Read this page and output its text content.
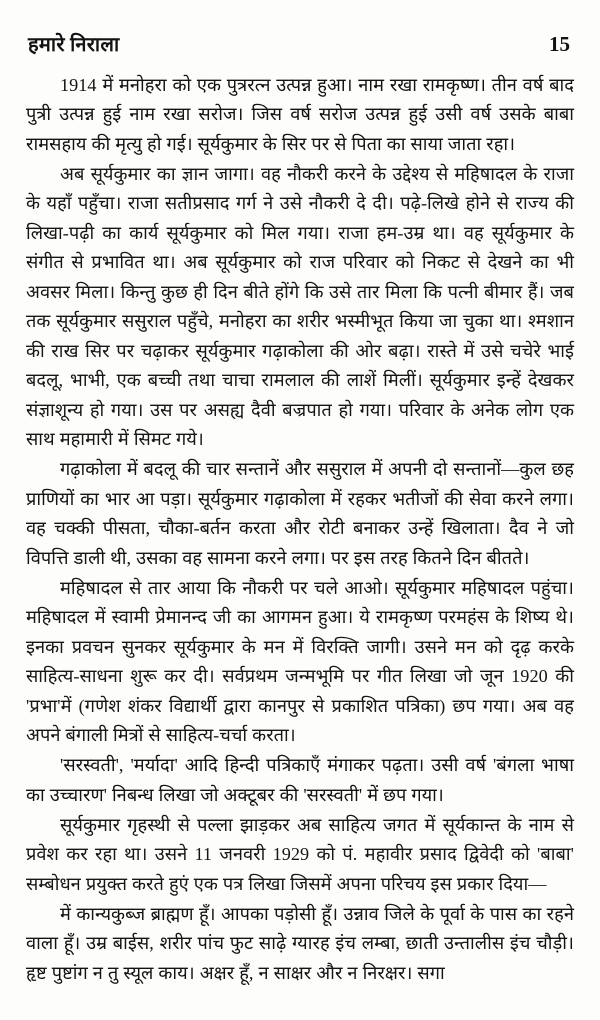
हमारे निराला	15

1914 में मनोहरा को एक पुत्ररत्न उत्पन्न हुआ। नाम रखा रामकृष्ण। तीन वर्ष बाद पुत्री उत्पन्न हुई नाम रखा सरोज। जिस वर्ष सरोज उत्पन्न हुई उसी वर्ष उसके बाबा रामसहाय की मृत्यु हो गई। सूर्यकुमार के सिर पर से पिता का साया जाता रहा।

अब सूर्यकुमार का ज्ञान जागा। वह नौकरी करने के उद्देश्य से महिषादल के राजा के यहाँ पहुँचा। राजा सतीप्रसाद गर्ग ने उसे नौकरी दे दी। पढ़े-लिखे होने से राज्य की लिखा-पढ़ी का कार्य सूर्यकुमार को मिल गया। राजा हम-उम्र था। वह सूर्यकुमार के संगीत से प्रभावित था। अब सूर्यकुमार को राज परिवार को निकट से देखने का भी अवसर मिला। किन्तु कुछ ही दिन बीते होंगे कि उसे तार मिला कि पत्नी बीमार हैं। जब तक सूर्यकुमार ससुराल पहुँचे, मनोहरा का शरीर भस्मीभूत किया जा चुका था। श्मशान की राख सिर पर चढ़ाकर सूर्यकुमार गढ़ाकोला की ओर बढ़ा। रास्ते में उसे चचेरे भाई बदलू, भाभी, एक बच्ची तथा चाचा रामलाल की लाशें मिलीं। सूर्यकुमार इन्हें देखकर संज्ञाशून्य हो गया। उस पर असह्य दैवी बज्रपात हो गया। परिवार के अनेक लोग एक साथ महामारी में सिमट गये।

गढ़ाकोला में बदलू की चार सन्तानें और ससुराल में अपनी दो सन्तानों—कुल छह प्राणियों का भार आ पड़ा। सूर्यकुमार गढ़ाकोला में रहकर भतीजों की सेवा करने लगा। वह चक्की पीसता, चौका-बर्तन करता और रोटी बनाकर उन्हें खिलाता। दैव ने जो विपत्ति डाली थी, उसका वह सामना करने लगा। पर इस तरह कितने दिन बीतते।

महिषादल से तार आया कि नौकरी पर चले आओ। सूर्यकुमार महिषादल पहुंचा। महिषादल में स्वामी प्रेमानन्द जी का आगमन हुआ। ये रामकृष्ण परमहंस के शिष्य थे। इनका प्रवचन सुनकर सूर्यकुमार के मन में विरक्ति जागी। उसने मन को दृढ़ करके साहित्य-साधना शुरू कर दी। सर्वप्रथम जन्मभूमि पर गीत लिखा जो जून 1920 की 'प्रभा'में (गणेश शंकर विद्यार्थी द्वारा कानपुर से प्रकाशित पत्रिका) छप गया। अब वह अपने बंगाली मित्रों से साहित्य-चर्चा करता।

'सरस्वती', 'मर्यादा' आदि हिन्दी पत्रिकाएँ मंगाकर पढ़ता। उसी वर्ष 'बंगला भाषा का उच्चारण' निबन्ध लिखा जो अक्टूबर की 'सरस्वती' में छप गया।

सूर्यकुमार गृहस्थी से पल्ला झाड़कर अब साहित्य जगत में सूर्यकान्त के नाम से प्रवेश कर रहा था। उसने 11 जनवरी 1929 को पं. महावीर प्रसाद द्विवेदी को 'बाबा' सम्बोधन प्रयुक्त करते हुएं एक पत्र लिखा जिसमें अपना परिचय इस प्रकार दिया—

में कान्यकुब्ज ब्राह्मण हूँ। आपका पड़ोसी हूँ। उन्नाव जिले के पूर्वा के पास का रहने वाला हूँ। उम्र बाईस, शरीर पांच फुट साढ़े ग्यारह इंच लम्बा, छाती उन्तालीस इंच चौड़ी। हृष्ट पुष्टांग न तु स्यूल काय। अक्षर हूँ, न साक्षर और न निरक्षर। सगा
